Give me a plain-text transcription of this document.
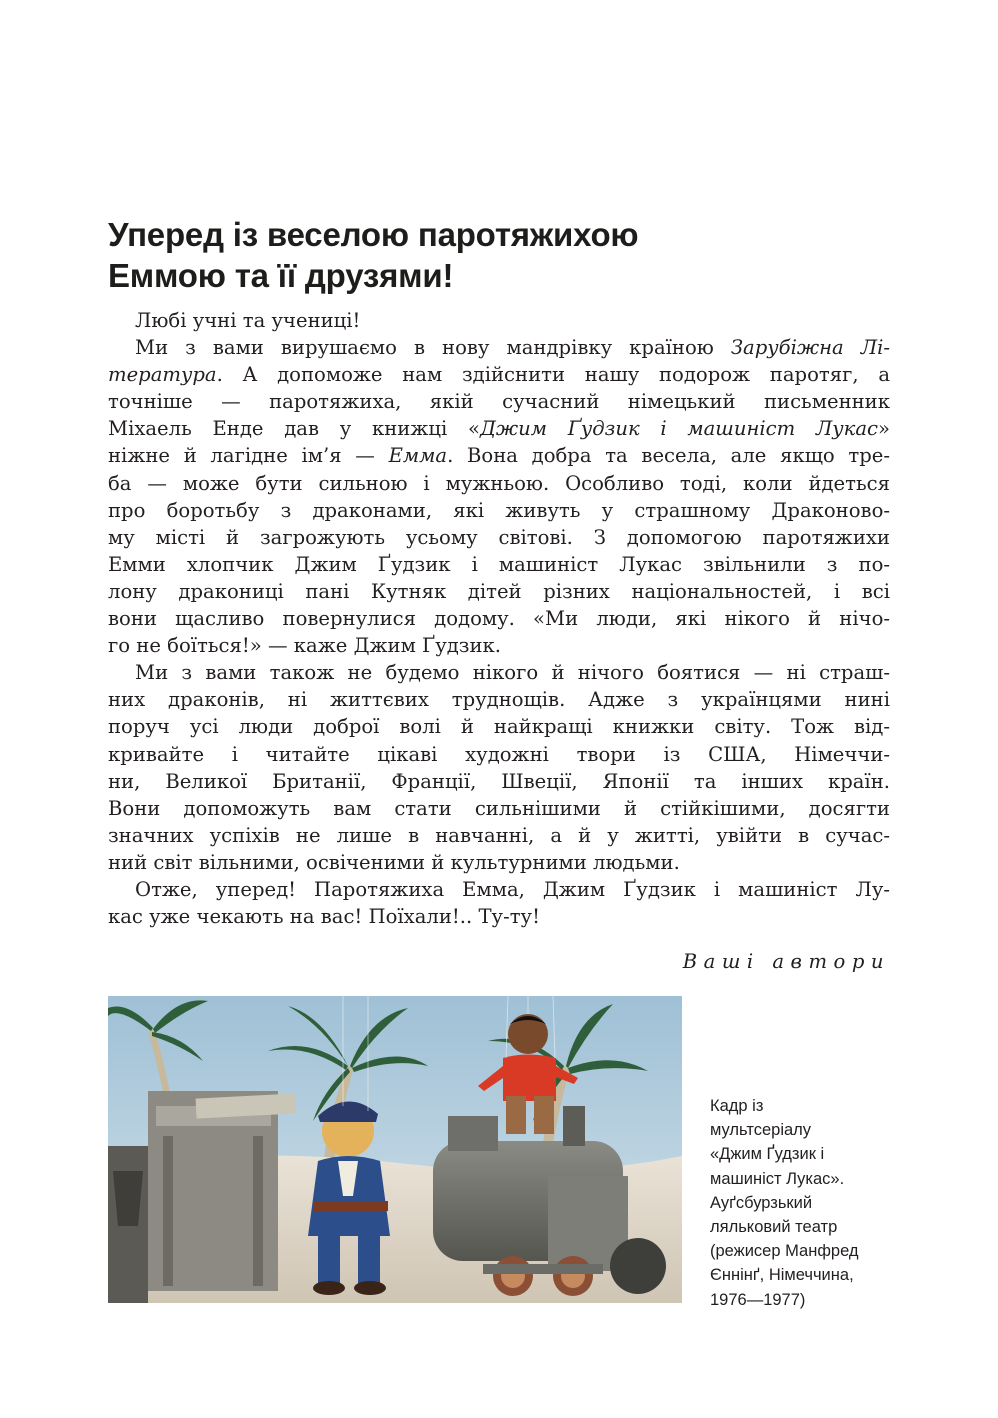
Уперед із веселою паротяжихою
Еммою та її друзями!

Любі учні та учениці!

Ми з вами вирушаємо в нову мандрівку країною Зарубіжна Лі-
тература. А допоможе нам здійснити нашу подорож паротяг, а
точніше — паротяжиха, якій сучасний німецький письменник
Міхаель Енде дав у книжці «Джим Ґудзик і машиніст Лукас»
ніжне й лагідне ім’я — Емма. Вона добра та весела, але якщо тре-
ба — може бути сильною і мужньою. Особливо тоді, коли йдеться
про боротьбу з драконами, які живуть у страшному Драконово-
му місті й загрожують усьому світові. З допомогою паротяжихи
Емми хлопчик Джим Ґудзик і машиніст Лукас звільнили з по-
лону дракониці пані Кутняк дітей різних національностей, і всі
вони щасливо повернулися додому. «Ми люди, які нікого й нічо-
го не боїться!» — каже Джим Ґудзик.
Ми з вами також не будемо нікого й нічого боятися — ні страш-
них драконів, ні життєвих труднощів. Адже з українцями нині
поруч усі люди доброї волі й найкращі книжки світу. Тож від-
кривайте і читайте цікаві художні твори із США, Німеччи-
ни, Великої Британії, Франції, Швеції, Японії та інших країн.
Вони допоможуть вам стати сильнішими й стійкішими, досягти
значних успіхів не лише в навчанні, а й у житті, увійти в сучас-
ний світ вільними, освіченими й культурними людьми.
Отже, уперед! Паротяжиха Емма, Джим Ґудзик і машиніст Лу-
кас уже чекають на вас! Поїхали!.. Ту-ту!
Ваші автори
Кадр із
мультсеріалу
«Джим Ґудзик і
машиніст Лукас».
Ауґсбурзький
ляльковий театр
(режисер Манфред
Єннінґ, Німеччина,
1976—1977)
